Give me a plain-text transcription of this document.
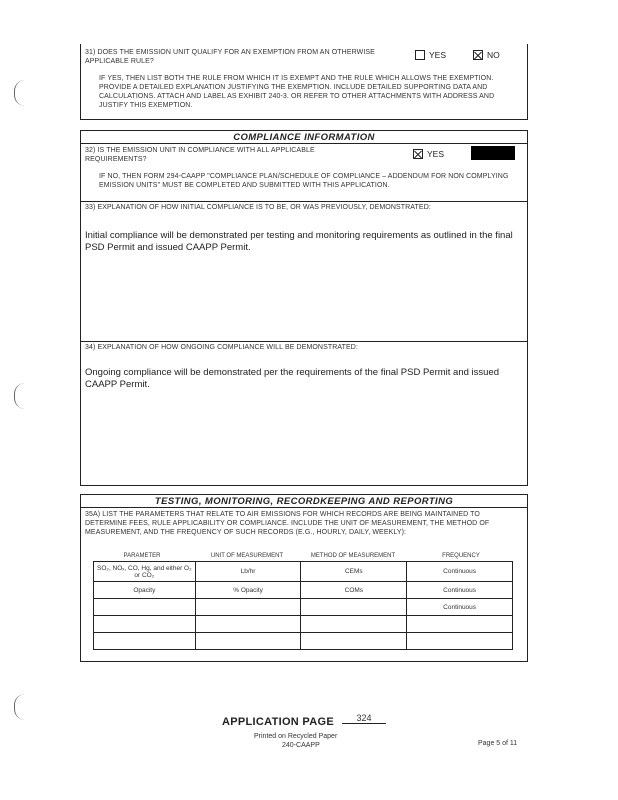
31) DOES THE EMISSION UNIT QUALIFY FOR AN EXEMPTION FROM AN OTHERWISE APPLICABLE RULE?
YES	NO
IF YES, THEN LIST BOTH THE RULE FROM WHICH IT IS EXEMPT AND THE RULE WHICH ALLOWS THE EXEMPTION. PROVIDE A DETAILED EXPLANATION JUSTIFYING THE EXEMPTION. INCLUDE DETAILED SUPPORTING DATA AND CALCULATIONS. ATTACH AND LABEL AS EXHIBIT 240-3. OR REFER TO OTHER ATTACHMENTS WITH ADDRESS AND JUSTIFY THIS EXEMPTION.
COMPLIANCE INFORMATION
32) IS THE EMISSION UNIT IN COMPLIANCE WITH ALL APPLICABLE REQUIREMENTS?
YES
IF NO, THEN FORM 294-CAAPP "COMPLIANCE PLAN/SCHEDULE OF COMPLIANCE – ADDENDUM FOR NON COMPLYING EMISSION UNITS" MUST BE COMPLETED AND SUBMITTED WITH THIS APPLICATION.
33) EXPLANATION OF HOW INITIAL COMPLIANCE IS TO BE, OR WAS PREVIOUSLY, DEMONSTRATED:
Initial compliance will be demonstrated per testing and monitoring requirements as outlined in the final PSD Permit and issued CAAPP Permit.
34) EXPLANATION OF HOW ONGOING COMPLIANCE WILL BE DEMONSTRATED:
Ongoing compliance will be demonstrated per the requirements of the final PSD Permit and issued CAAPP Permit.
TESTING, MONITORING, RECORDKEEPING AND REPORTING
35A) LIST THE PARAMETERS THAT RELATE TO AIR EMISSIONS FOR WHICH RECORDS ARE BEING MAINTAINED TO DETERMINE FEES, RULE APPLICABILITY OR COMPLIANCE. INCLUDE THE UNIT OF MEASUREMENT, THE METHOD OF MEASUREMENT, AND THE FREQUENCY OF SUCH RECORDS (E.G., HOURLY, DAILY, WEEKLY):
PARAMETER	UNIT OF MEASUREMENT	METHOD OF MEASUREMENT	FREQUENCY
SO₂, NOₓ, CO, Hg, and either O₂ or CO₂	Lb/hr	CEMs	Continuous
Opacity	% Opacity	COMs	Continuous
			Continuous

APPLICATION PAGE	324
Printed on Recycled Paper
240-CAAPP	Page 5 of 11
